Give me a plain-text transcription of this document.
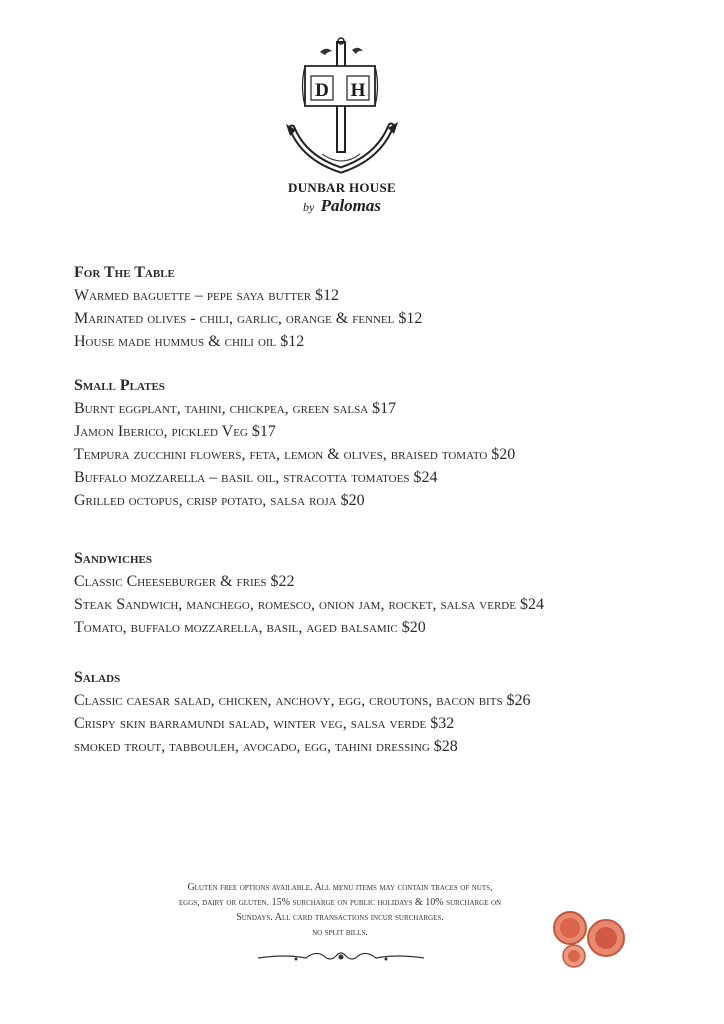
D H
DUNBAR HOUSE
by Palomas
For The Table
Warmed baguette – pepe saya butter $12
Marinated olives - chili, garlic, orange & fennel $12
House made hummus & chili oil $12
Small Plates
Burnt eggplant, tahini, chickpea, green salsa $17
Jamon Iberico, pickled Veg $17
Tempura zucchini flowers, feta, lemon & olives, braised tomato $20
Buffalo mozzarella – basil oil, stracotta tomatoes $24
Grilled octopus, crisp potato, salsa roja $20
Sandwiches
Classic Cheeseburger & fries $22
Steak Sandwich, manchego, romesco, onion jam, rocket, salsa verde $24
Tomato, buffalo mozzarella, basil, aged balsamic $20
Salads
Classic caesar salad, chicken, anchovy, egg, croutons, bacon bits $26
Crispy skin barramundi salad, winter veg, salsa verde $32
smoked trout, tabbouleh, avocado, egg, tahini dressing $28
Gluten free options available. All menu items may contain traces of nuts,
eggs, dairy or gluten. 15% surcharge on public holidays & 10% surcharge on
Sundays. All card transactions incur surcharges.
no split bills.
